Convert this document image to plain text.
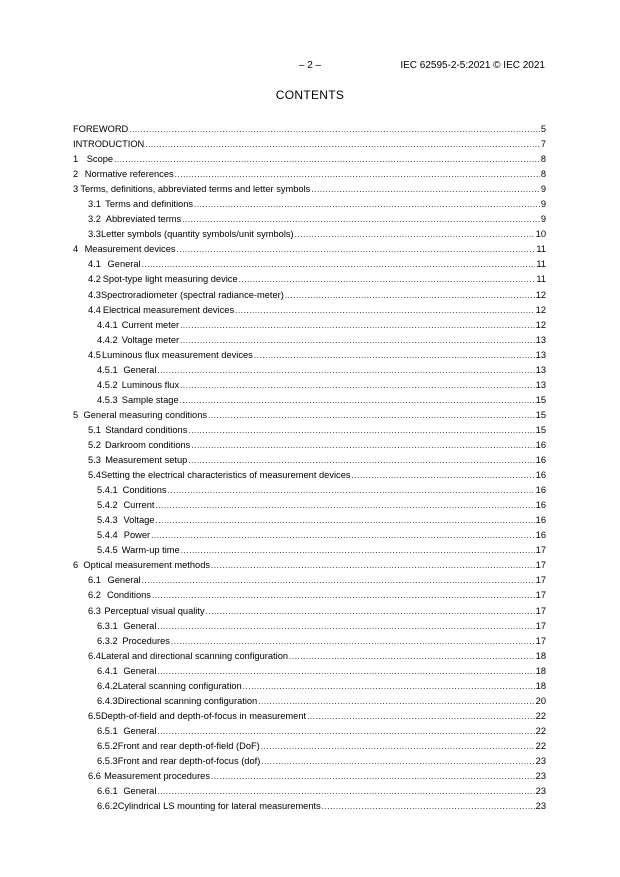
– 2 –	IEC 62595-2-5:2021 © IEC 2021
CONTENTS
FOREWORD .....	5
INTRODUCTION .....	7
1 Scope .....	8
2 Normative references .....	8
3 Terms, definitions, abbreviated terms and letter symbols .....	9
3.1 Terms and definitions .....	9
3.2 Abbreviated terms .....	9
3.3 Letter symbols (quantity symbols/unit symbols) .....	10
4 Measurement devices .....	11
4.1 General .....	11
4.2 Spot-type light measuring device .....	11
4.3 Spectroradiometer (spectral radiance-meter) .....	12
4.4 Electrical measurement devices .....	12
4.4.1 Current meter .....	12
4.4.2 Voltage meter .....	13
4.5 Luminous flux measurement devices .....	13
4.5.1 General .....	13
4.5.2 Luminous flux .....	13
4.5.3 Sample stage .....	15
5 General measuring conditions .....	15
5.1 Standard conditions .....	15
5.2 Darkroom conditions .....	16
5.3 Measurement setup .....	16
5.4 Setting the electrical characteristics of measurement devices .....	16
5.4.1 Conditions .....	16
5.4.2 Current .....	16
5.4.3 Voltage .....	16
5.4.4 Power .....	16
5.4.5 Warm-up time .....	17
6 Optical measurement methods .....	17
6.1 General .....	17
6.2 Conditions .....	17
6.3 Perceptual visual quality .....	17
6.3.1 General .....	17
6.3.2 Procedures .....	17
6.4 Lateral and directional scanning configuration .....	18
6.4.1 General .....	18
6.4.2 Lateral scanning configuration .....	18
6.4.3 Directional scanning configuration .....	20
6.5 Depth-of-field and depth-of-focus in measurement .....	22
6.5.1 General .....	22
6.5.2 Front and rear depth-of-field (DoF) .....	22
6.5.3 Front and rear depth-of-focus (dof) .....	23
6.6 Measurement procedures .....	23
6.6.1 General .....	23
6.6.2 Cylindrical LS mounting for lateral measurements .....	23
